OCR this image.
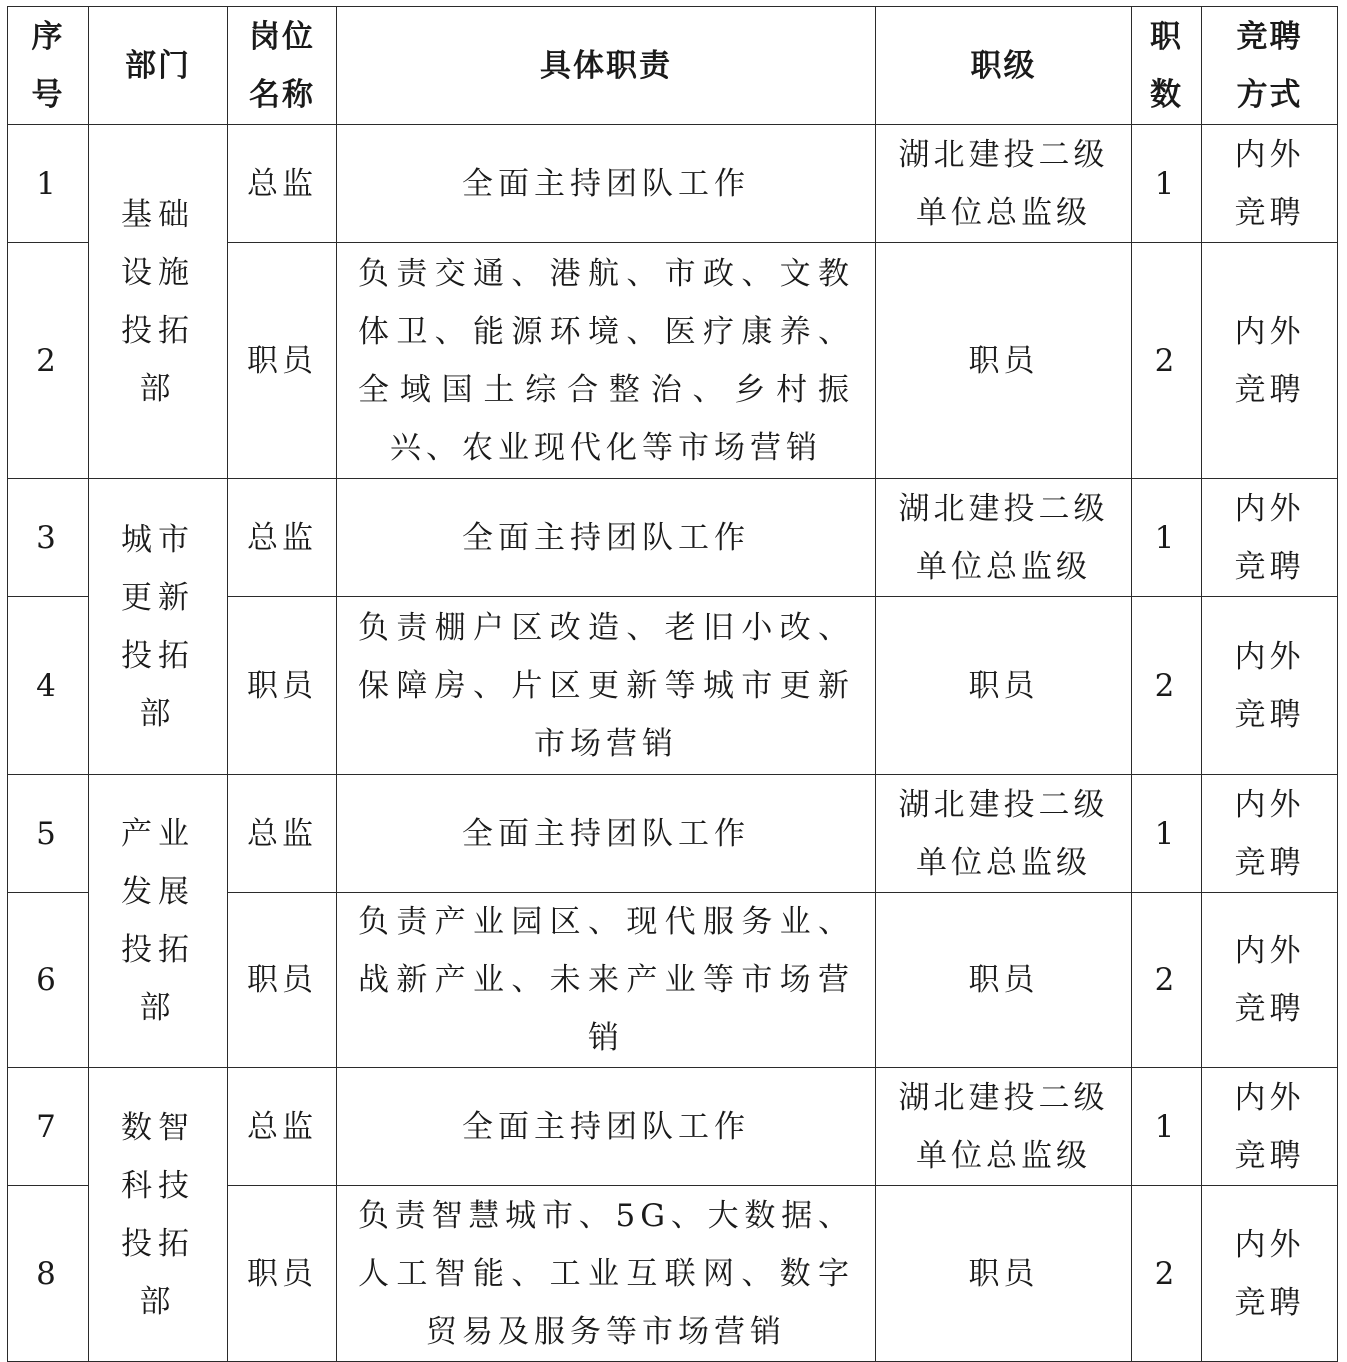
序号	部门	岗位名称	具体职责	职级	职数	竞聘方式
1	基础设施投拓部	总监	全面主持团队工作	湖北建投二级单位总监级	1	内外竞聘
2		职员	负责交通、港航、市政、文教体卫、能源环境、医疗康养、全域国土综合整治、乡村振兴、农业现代化等市场营销	职员	2	内外竞聘
3	城市更新投拓部	总监	全面主持团队工作	湖北建投二级单位总监级	1	内外竞聘
4		职员	负责棚户区改造、老旧小改、保障房、片区更新等城市更新市场营销	职员	2	内外竞聘
5	产业发展投拓部	总监	全面主持团队工作	湖北建投二级单位总监级	1	内外竞聘
6		职员	负责产业园区、现代服务业、战新产业、未来产业等市场营销	职员	2	内外竞聘
7	数智科技投拓部	总监	全面主持团队工作	湖北建投二级单位总监级	1	内外竞聘
8		职员	负责智慧城市、5G、大数据、人工智能、工业互联网、数字贸易及服务等市场营销	职员	2	内外竞聘
